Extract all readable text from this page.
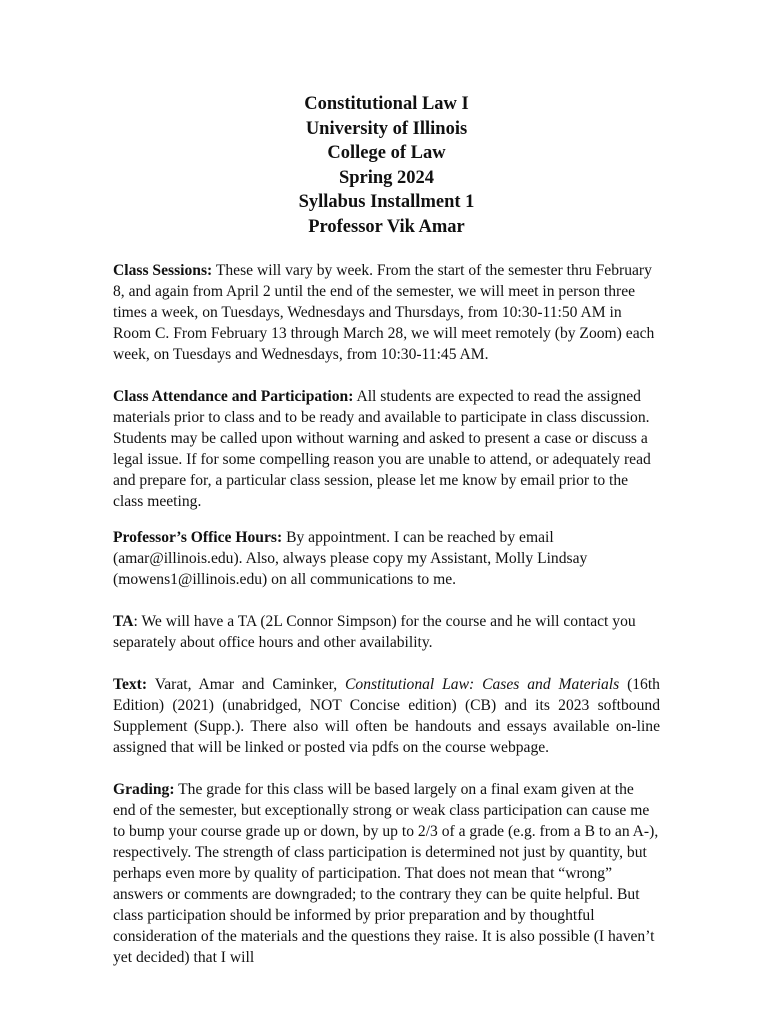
Constitutional Law I
University of Illinois
College of Law
Spring 2024
Syllabus Installment 1
Professor Vik Amar

Class Sessions: These will vary by week. From the start of the semester thru February 8, and again from April 2 until the end of the semester, we will meet in person three times a week, on Tuesdays, Wednesdays and Thursdays, from 10:30-11:50 AM in Room C. From February 13 through March 28, we will meet remotely (by Zoom) each week, on Tuesdays and Wednesdays, from 10:30-11:45 AM.

Class Attendance and Participation: All students are expected to read the assigned materials prior to class and to be ready and available to participate in class discussion. Students may be called upon without warning and asked to present a case or discuss a legal issue. If for some compelling reason you are unable to attend, or adequately read and prepare for, a particular class session, please let me know by email prior to the class meeting.

Professor’s Office Hours: By appointment. I can be reached by email (amar@illinois.edu). Also, always please copy my Assistant, Molly Lindsay (mowens1@illinois.edu) on all communications to me.

TA: We will have a TA (2L Connor Simpson) for the course and he will contact you separately about office hours and other availability.

Text: Varat, Amar and Caminker, Constitutional Law: Cases and Materials (16th Edition) (2021) (unabridged, NOT Concise edition) (CB) and its 2023 softbound Supplement (Supp.). There also will often be handouts and essays available on-line assigned that will be linked or posted via pdfs on the course webpage.

Grading: The grade for this class will be based largely on a final exam given at the end of the semester, but exceptionally strong or weak class participation can cause me to bump your course grade up or down, by up to 2/3 of a grade (e.g. from a B to an A-), respectively. The strength of class participation is determined not just by quantity, but perhaps even more by quality of participation. That does not mean that “wrong” answers or comments are downgraded; to the contrary they can be quite helpful. But class participation should be informed by prior preparation and by thoughtful consideration of the materials and the questions they raise. It is also possible (I haven’t yet decided) that I will
